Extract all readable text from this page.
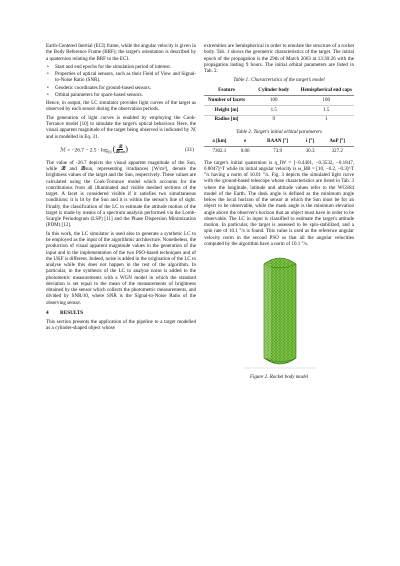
Earth-Centered Inertial (ECI) frame, while the angular velocity is given in the Body Reference Frame (BRF); the target's orientation is described by a quaternion relating the BRF to the ECI.

• Start and end epochs for the simulation period of interest.
• Properties of optical sensors, such as their Field of View and Signal-to-Noise Ratio (SNR).
• Geodetic coordinates for ground-based sensors.
• Orbital parameters for space-based sensors.

Hence, in output, the LC simulator provides light curves of the target as observed by each sensor during the observation periods.

The generation of light curves is enabled by employing the Cook-Torrance model [10] to simulate the target's optical behaviour. Here, the visual apparent magnitude of the target being observed is indicated by ℳ and is modelled in Eq. 31.

ℳ = $-26.7 - 2.5 \cdot \log_{10}$ ( $\frac{\text{𝓑}}{\text{𝓑sun}}$ )	(31)

The value of -26.7 depicts the visual apparent magnitude of the Sun, while 𝓑 and 𝓑sun, representing irradiances [W/m²], denote the brightness values of the target and the Sun, respectively. These values are calculated using the Cook-Torrance model which accounts for the contributions from all illuminated and visible meshed sections of the target. A facet is considered visible if it satisfies two simultaneous conditions: it is lit by the Sun and it is within the sensor's line of sight. Finally, the classification of the LC to estimate the attitude motion of the target is made by means of a spectrum analysis performed via the Lomb-Scargle Periodogram (LSP) [11] and the Phase Dispersion Minimization (PDM) [12].

In this work, the LC simulator is used also to generate a synthetic LC to be employed as the input of the algorithmic architecture. Nonetheless, the production of visual apparent magnitude values in the generation of the input and in the implementation of the two PSO-based techniques and of the UKF is different. Indeed, noise is added in the origination of the LC to analyse while this does not happen in the rest of the algorithm. In particular, in the synthesis of the LC to analyze noise is added to the photometric measurements with a WGN model in which the standard deviation is set equal to the mean of the measurements of brightness obtained by the sensor which collects the photometric measurements, and divided by SNR/10, where SNR is the Signal-to-Noise Ratio of the observing sensor.

4 RESULTS

This section presents the application of the pipeline to a target modelled as a cylinder-shaped object whose

extremities are hemispherical in order to emulate the structure of a rocket body. Tab. 1 shows the geometric characteristics of the target. The initial epoch of the propagation is the 29th of March 2003 at 13:30:26 with the propagation lasting 9 hours. The initial orbital parameters are listed in Tab. 2.

Table 1: Characteristics of the target’s model
Feature	Cylinder body	Hemispherical end caps
Number of facets	100	100
Height [m]	1.5	1.5
Radius [m]	9	1
Table 2. Target's initial orbital parameters
a [km]	e	RAAN [°]	i [°]	AoP [°]
7302.1	0.06	73.9	30.3	327.2

The target's initial quaternion is q_IW = [−0.4401, −0.3532, −0.1847, 0.8047]^T while its initial angular velocity is ω_BB = [10, −0.2, −0.3]^T °/s having a norm of 10.01 °/s. Fig. 3 depicts the simulated light curve with the ground-based telescope whose characteristics are listed in Tab. 3 where the longitude, latitude and altitude values refer to the WGS84 model of the Earth. The dusk angle is defined as the minimum angle below the local horizon of the sensor at which the Sun must be for an object to be observable, while the mask angle is the minimum elevation angle above the observer's horizon that an object must have in order to be observable. The LC in input is classified to estimate the target's attitude motion. In particular, the target is assessed to be spin-stabilized, and a spin rate of 10.1 °/s is found. This value is used as the reference angular velocity norm in the second PSO so that all the angular velocities computed by the algorithm have a norm of 10.1 °/s.

Figure 2. Rocket body model
